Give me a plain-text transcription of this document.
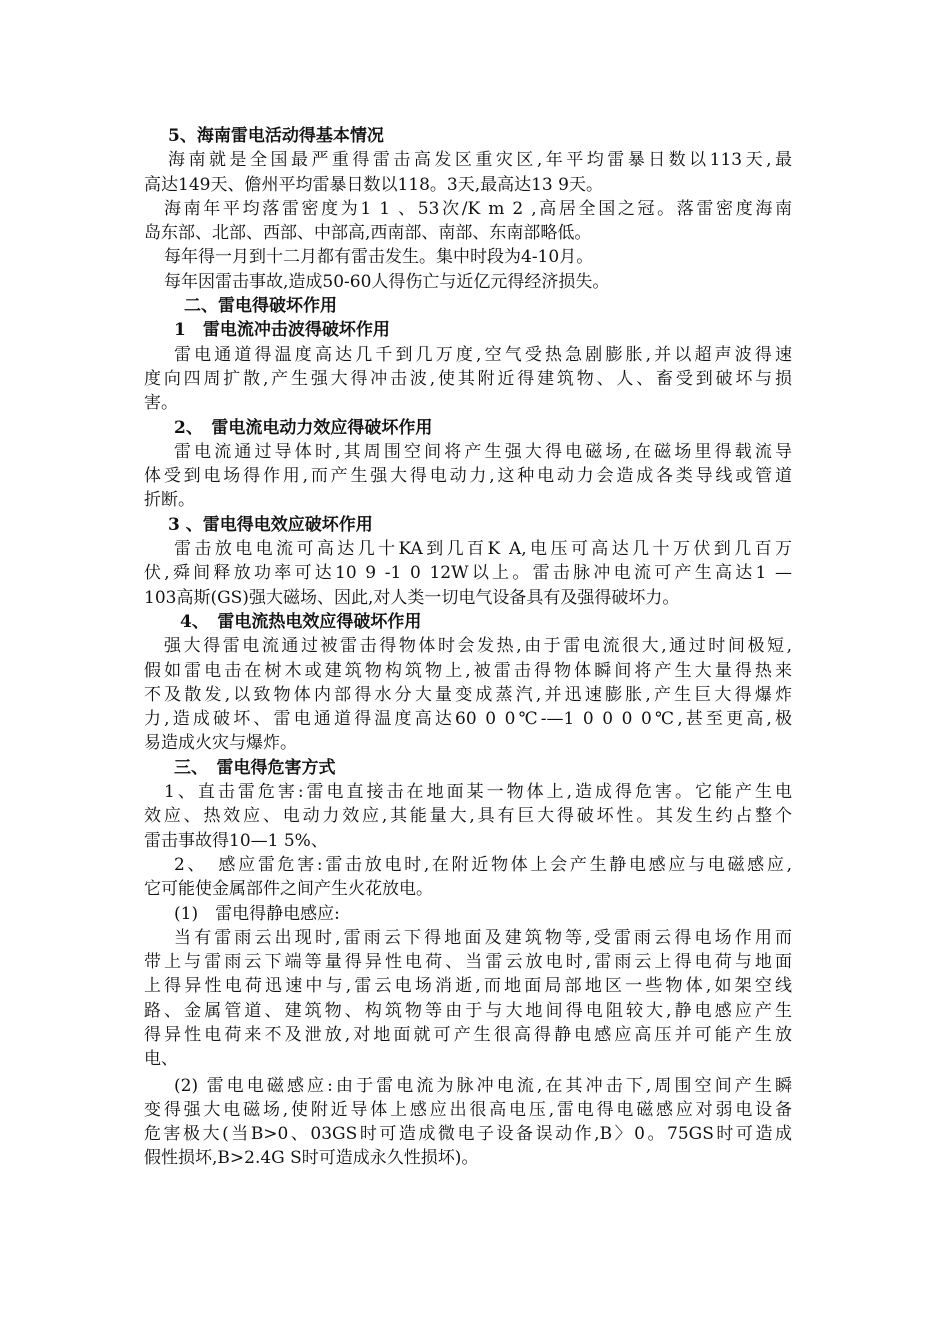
5、海南雷电活动得基本情况
海南就是全国最严重得雷击高发区重灾区,年平均雷暴日数以113天,最
高达149天、儋州平均雷暴日数以118。3天,最高达13 9天。
海南年平均落雷密度为1 1 、53次/K m 2 ,高居全国之冠。落雷密度海南
岛东部、北部、西部、中部高,西南部、南部、东南部略低。
每年得一月到十二月都有雷击发生。集中时段为4-10月。
每年因雷击事故,造成50-60人得伤亡与近亿元得经济损失。
二、雷电得破坏作用
1　雷电流冲击波得破坏作用
雷电通道得温度高达几千到几万度,空气受热急剧膨胀,并以超声波得速
度向四周扩散,产生强大得冲击波,使其附近得建筑物、人、畜受到破坏与损
害。
2、　雷电流电动力效应得破坏作用
雷电流通过导体时,其周围空间将产生强大得电磁场,在磁场里得载流导
体受到电场得作用,而产生强大得电动力,这种电动力会造成各类导线或管道
折断。
3 、雷电得电效应破坏作用
雷击放电电流可高达几十KA到几百K A,电压可高达几十万伏到几百万
伏,舜间释放功率可达10 9 -1 0 12W以上。雷击脉冲电流可产生高达1 —
103高斯(GS)强大磁场、因此,对人类一切电气设备具有及强得破坏力。
4、　雷电流热电效应得破坏作用
强大得雷电流通过被雷击得物体时会发热,由于雷电流很大,通过时间极短,
假如雷电击在树木或建筑物构筑物上,被雷击得物体瞬间将产生大量得热来
不及散发,以致物体内部得水分大量变成蒸汽,并迅速膨胀,产生巨大得爆炸
力,造成破坏、雷电通道得温度高达60 0 0℃-—1 0 0 0 0℃,甚至更高,极
易造成火灾与爆炸。
三、　雷电得危害方式
1、直击雷危害:雷电直接击在地面某一物体上,造成得危害。它能产生电
效应、热效应、电动力效应,其能量大,具有巨大得破坏性。其发生约占整个
雷击事故得10—1 5%、
2、　感应雷危害:雷击放电时,在附近物体上会产生静电感应与电磁感应,
它可能使金属部件之间产生火花放电。
(1)　雷电得静电感应:
当有雷雨云出现时,雷雨云下得地面及建筑物等,受雷雨云得电场作用而
带上与雷雨云下端等量得异性电荷、当雷云放电时,雷雨云上得电荷与地面
上得异性电荷迅速中与,雷云电场消逝,而地面局部地区一些物体,如架空线
路、金属管道、建筑物、构筑物等由于与大地间得电阻较大,静电感应产生
得异性电荷来不及泄放,对地面就可产生很高得静电感应高压并可能产生放
电、
(2) 雷电电磁感应:由于雷电流为脉冲电流,在其冲击下,周围空间产生瞬
变得强大电磁场,使附近导体上感应出很高电压,雷电得电磁感应对弱电设备
危害极大(当B>0、03GS时可造成微电子设备误动作,B〉0。75GS时可造成
假性损坏,B>2.4G S时可造成永久性损坏)。
